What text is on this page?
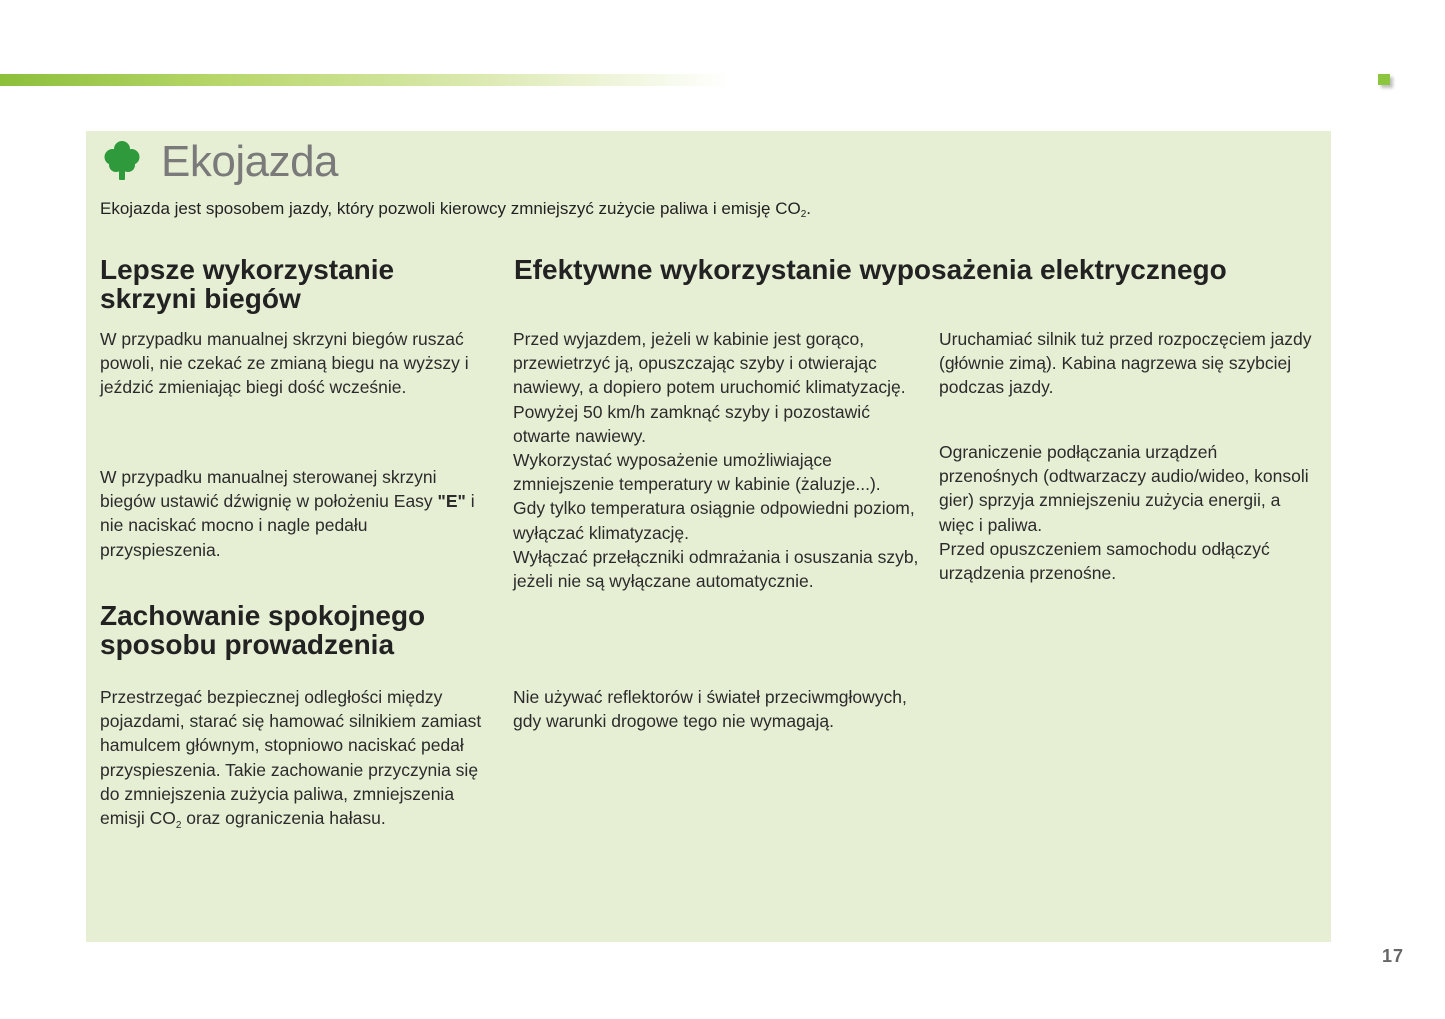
Ekojazda

Ekojazda jest sposobem jazdy, który pozwoli kierowcy zmniejszyć zużycie paliwa i emisję $CO_2$.

Lepsze wykorzystanie skrzyni biegów

W przypadku manualnej skrzyni biegów ruszać powoli, nie czekać ze zmianą biegu na wyższy i jeździć zmieniając biegi dość wcześnie.

W przypadku manualnej sterowanej skrzyni biegów ustawić dźwignię w położeniu Easy "E" i nie naciskać mocno i nagle pedału przyspieszenia.

Zachowanie spokojnego sposobu prowadzenia

Przestrzegać bezpiecznej odległości między pojazdami, starać się hamować silnikiem zamiast hamulcem głównym, stopniowo naciskać pedał przyspieszenia. Takie zachowanie przyczynia się do zmniejszenia zużycia paliwa, zmniejszenia emisji $CO_2$ oraz ograniczenia hałasu.

Efektywne wykorzystanie wyposażenia elektrycznego

Przed wyjazdem, jeżeli w kabinie jest gorąco, przewietrzyć ją, opuszczając szyby i otwierając nawiewy, a dopiero potem uruchomić klimatyzację.
Powyżej 50 km/h zamknąć szyby i pozostawić otwarte nawiewy.
Wykorzystać wyposażenie umożliwiające zmniejszenie temperatury w kabinie (żaluzje...).
Gdy tylko temperatura osiągnie odpowiedni poziom, wyłączać klimatyzację.
Wyłączać przełączniki odmrażania i osuszania szyb, jeżeli nie są wyłączane automatycznie.

Nie używać reflektorów i świateł przeciwmgłowych, gdy warunki drogowe tego nie wymagają.

Uruchamiać silnik tuż przed rozpoczęciem jazdy (głównie zimą). Kabina nagrzewa się szybciej podczas jazdy.

Ograniczenie podłączania urządzeń przenośnych (odtwarzaczy audio/wideo, konsoli gier) sprzyja zmniejszeniu zużycia energii, a więc i paliwa.
Przed opuszczeniem samochodu odłączyć urządzenia przenośne.

17
